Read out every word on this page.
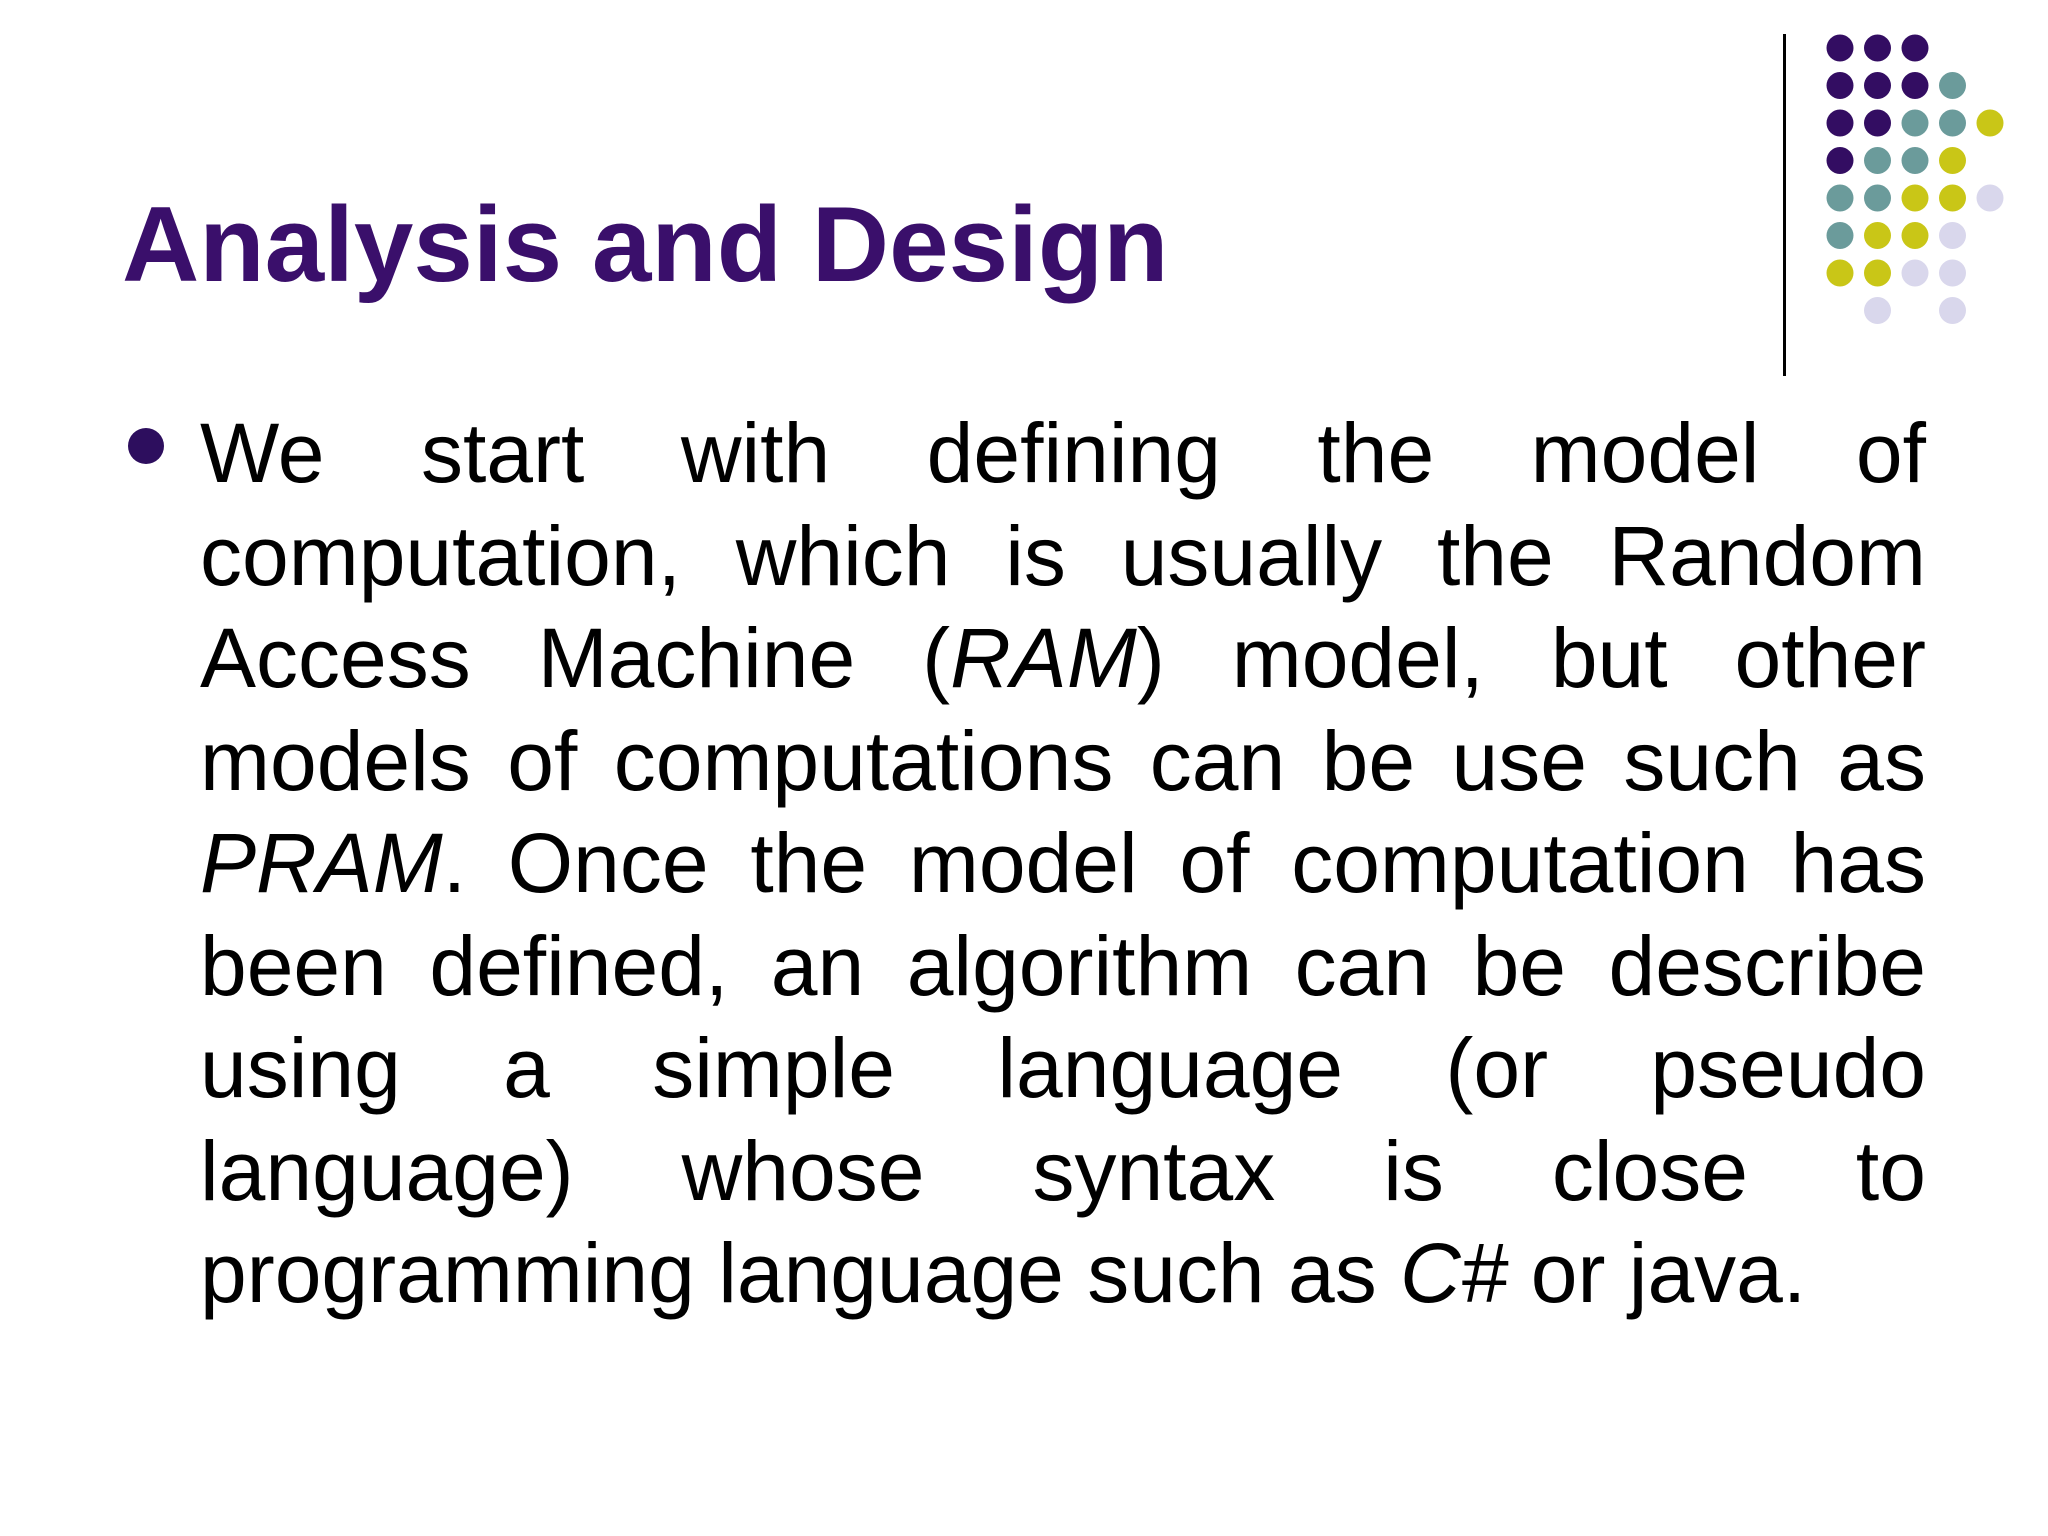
Analysis and Design

We start with defining the model of computation, which is usually the Random Access Machine (RAM) model, but other models of computations can be use such as PRAM. Once the model of computation has been defined, an algorithm can be describe using a simple language (or pseudo language) whose syntax is close to programming language such as C# or java.
